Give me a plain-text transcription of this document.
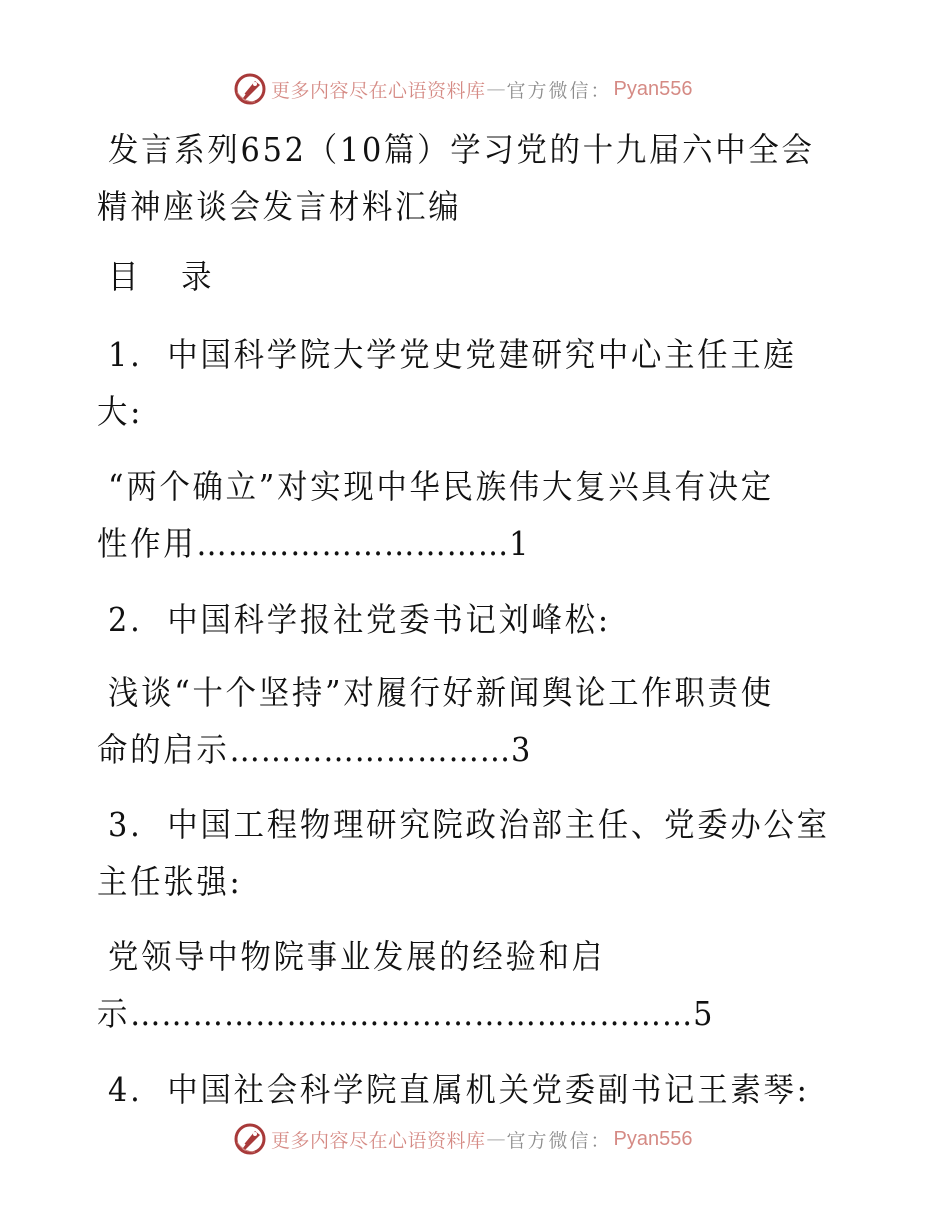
更多内容尽在心语资料库 — 官方微信： Pyan556
发言系列652（10篇）学习党的十九届六中全会
精神座谈会发言材料汇编
目 录
1. 中国科学院大学党史党建研究中心主任王庭
大:
“两个确立”对实现中华民族伟大复兴具有决定
性作用…………………………1
2. 中国科学报社党委书记刘峰松:
浅谈“十个坚持”对履行好新闻舆论工作职责使
命的启示………………………3
3. 中国工程物理研究院政治部主任、党委办公室
主任张强:
党领导中物院事业发展的经验和启
示………………………………………………5
4. 中国社会科学院直属机关党委副书记王素琴:
更多内容尽在心语资料库 — 官方微信： Pyan556
